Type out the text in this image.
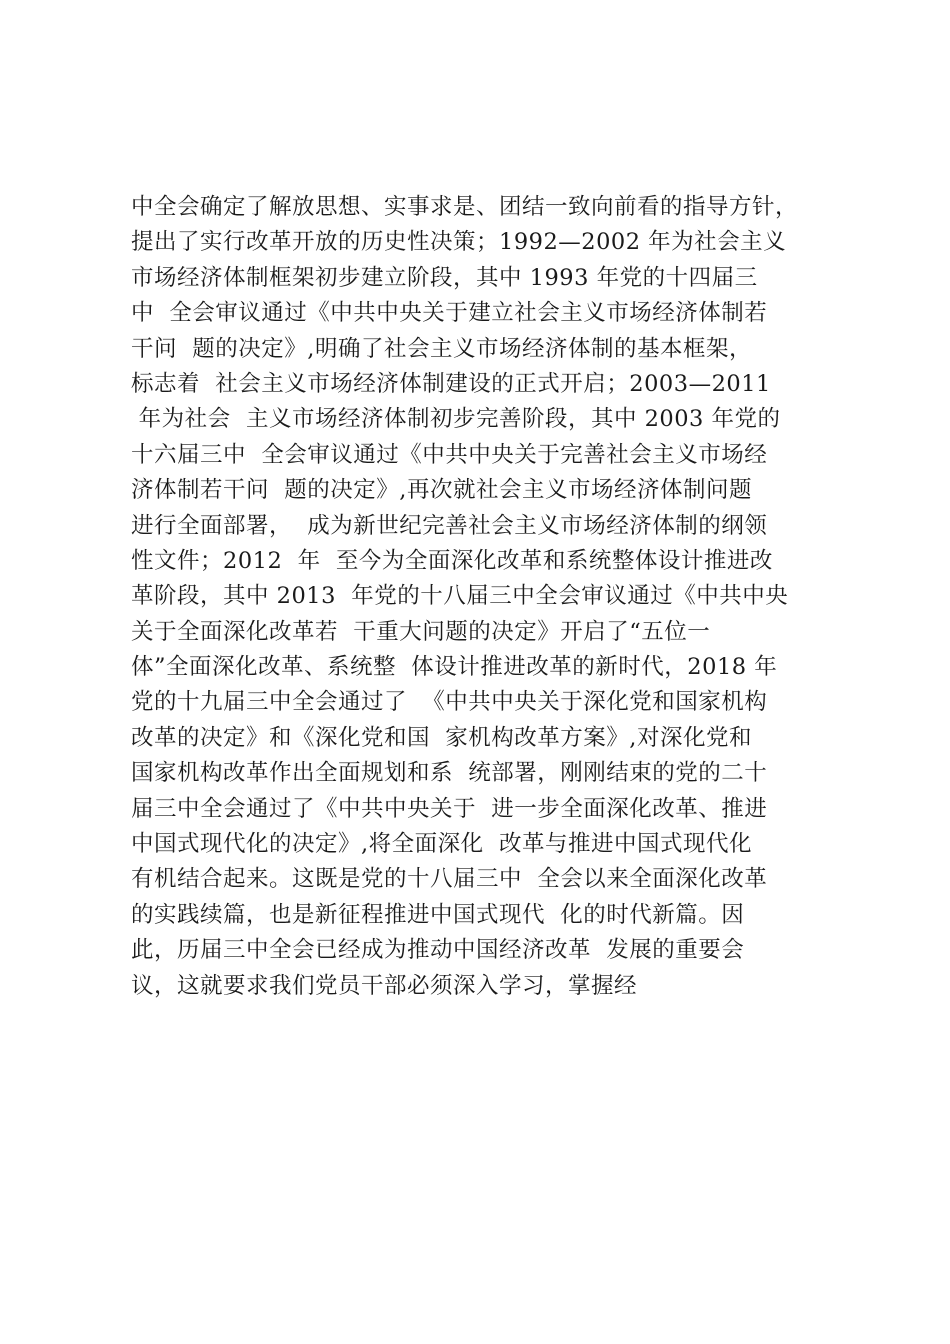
中全会确定了解放思想、实事求是、团结一致向前看的指导方针，
提出了实行改革开放的历史性决策；1992—2002 年为社会主义
市场经济体制框架初步建立阶段，其中 1993 年党的十四届三
中  全会审议通过《中共中央关于建立社会主义市场经济体制若
干问  题的决定》,明确了社会主义市场经济体制的基本框架，
标志着  社会主义市场经济体制建设的正式开启；2003—2011
年为社会  主义市场经济体制初步完善阶段，其中 2003 年党的
十六届三中  全会审议通过《中共中央关于完善社会主义市场经
济体制若干问  题的决定》,再次就社会主义市场经济体制问题
进行全面部署，  成为新世纪完善社会主义市场经济体制的纲领
性文件；2012  年  至今为全面深化改革和系统整体设计推进改
革阶段，其中 2013  年党的十八届三中全会审议通过《中共中央
关于全面深化改革若  干重大问题的决定》开启了“五位一
体”全面深化改革、系统整  体设计推进改革的新时代，2018 年
党的十九届三中全会通过了  《中共中央关于深化党和国家机构
改革的决定》和《深化党和国  家机构改革方案》,对深化党和
国家机构改革作出全面规划和系  统部署，刚刚结束的党的二十
届三中全会通过了《中共中央关于  进一步全面深化改革、推进
中国式现代化的决定》,将全面深化  改革与推进中国式现代化
有机结合起来。这既是党的十八届三中  全会以来全面深化改革
的实践续篇，也是新征程推进中国式现代  化的时代新篇。因
此，历届三中全会已经成为推动中国经济改革  发展的重要会
议，这就要求我们党员干部必须深入学习，掌握经
